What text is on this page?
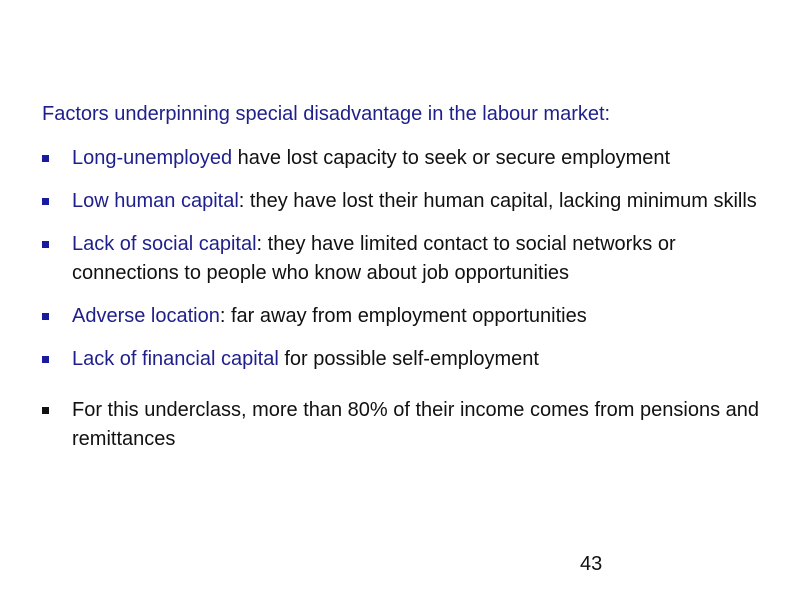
Factors underpinning special disadvantage in the labour market:
Long-unemployed have lost capacity to seek or secure employment
Low human capital: they have lost their human capital, lacking minimum skills
Lack of social capital: they have limited contact to social networks or connections to people who know about job opportunities
Adverse location: far away from employment opportunities
Lack of financial capital for possible self-employment
For this underclass, more than 80% of their income comes from pensions and remittances
43
